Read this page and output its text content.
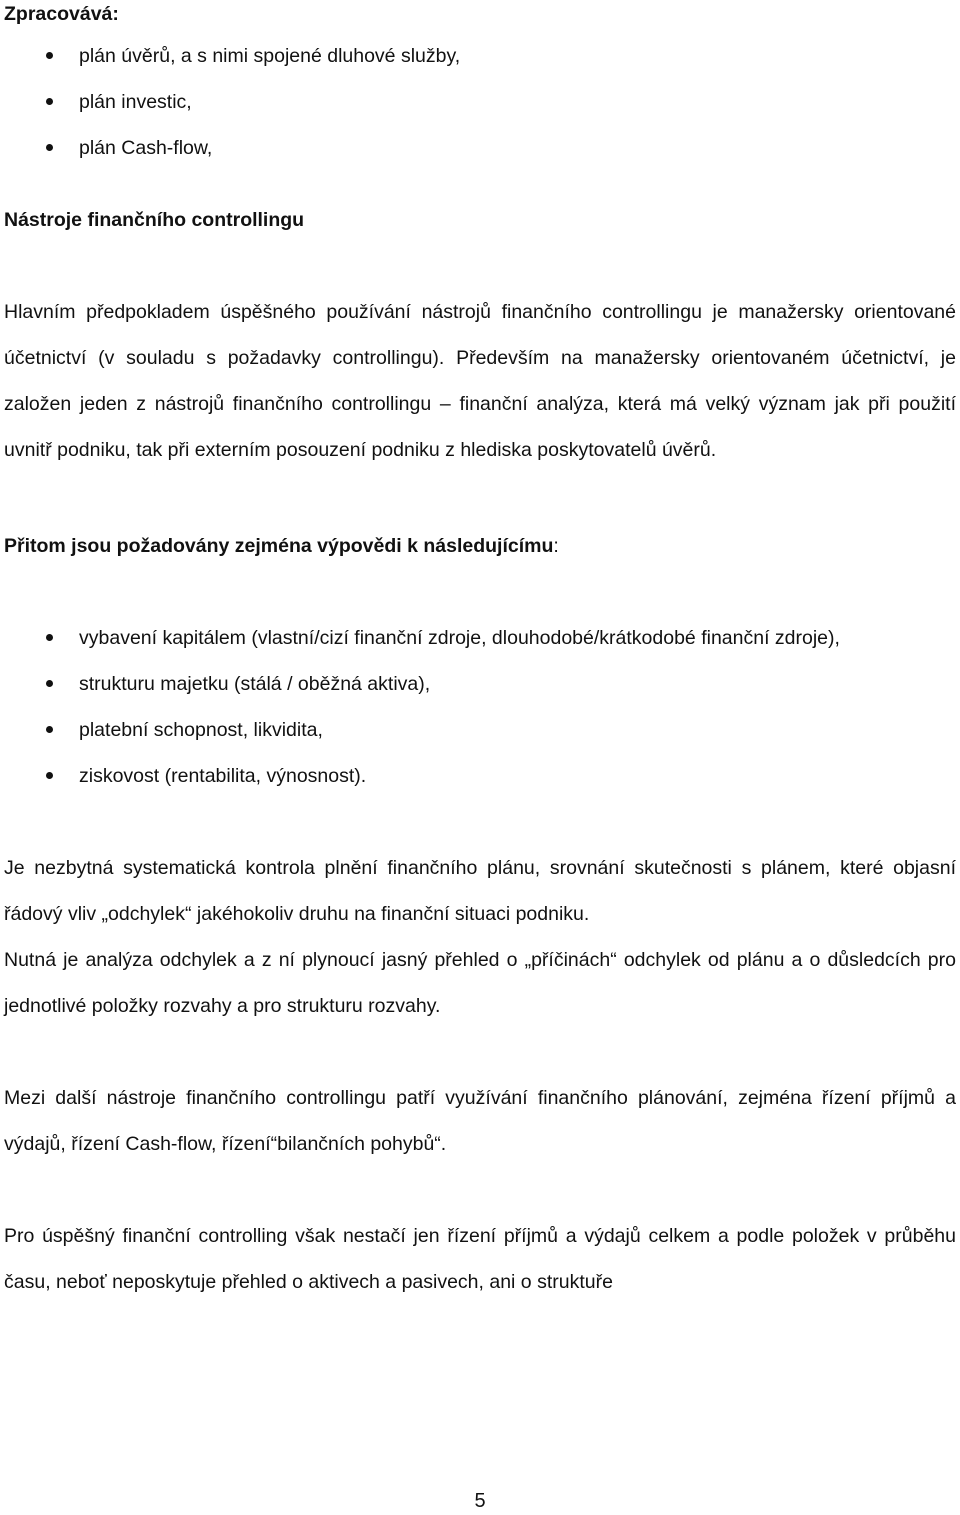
Zpracovává:
plán úvěrů, a s nimi spojené dluhové služby,
plán investic,
plán Cash-flow,
Nástroje finančního controllingu

Hlavním předpokladem úspěšného používání nástrojů finančního controllingu je manažersky orientované účetnictví (v souladu s požadavky controllingu). Především na manažersky orientovaném účetnictví, je založen jeden z nástrojů finančního controllingu – finanční analýza, která má velký význam jak při použití uvnitř podniku, tak při externím posouzení podniku z hlediska poskytovatelů úvěrů.

Přitom jsou požadovány zejména výpovědi k následujícímu:
vybavení kapitálem (vlastní/cizí finanční zdroje, dlouhodobé/krátkodobé finanční zdroje),
strukturu majetku (stálá / oběžná aktiva),
platební schopnost, likvidita,
ziskovost (rentabilita, výnosnost).

Je nezbytná systematická kontrola plnění finančního plánu, srovnání skutečnosti s plánem, které objasní řádový vliv „odchylek“ jakéhokoliv druhu na finanční situaci podniku.

Nutná je analýza odchylek a z ní plynoucí jasný přehled o „příčinách“ odchylek od plánu a o důsledcích pro jednotlivé položky rozvahy a pro strukturu rozvahy.

Mezi další nástroje finančního controllingu patří využívání finančního plánování, zejména řízení příjmů a výdajů, řízení Cash-flow, řízení“bilančních pohybů“.

Pro úspěšný finanční controlling však nestačí jen řízení příjmů a výdajů celkem a podle položek v průběhu času, neboť neposkytuje přehled o aktivech a pasivech, ani o struktuře

5
